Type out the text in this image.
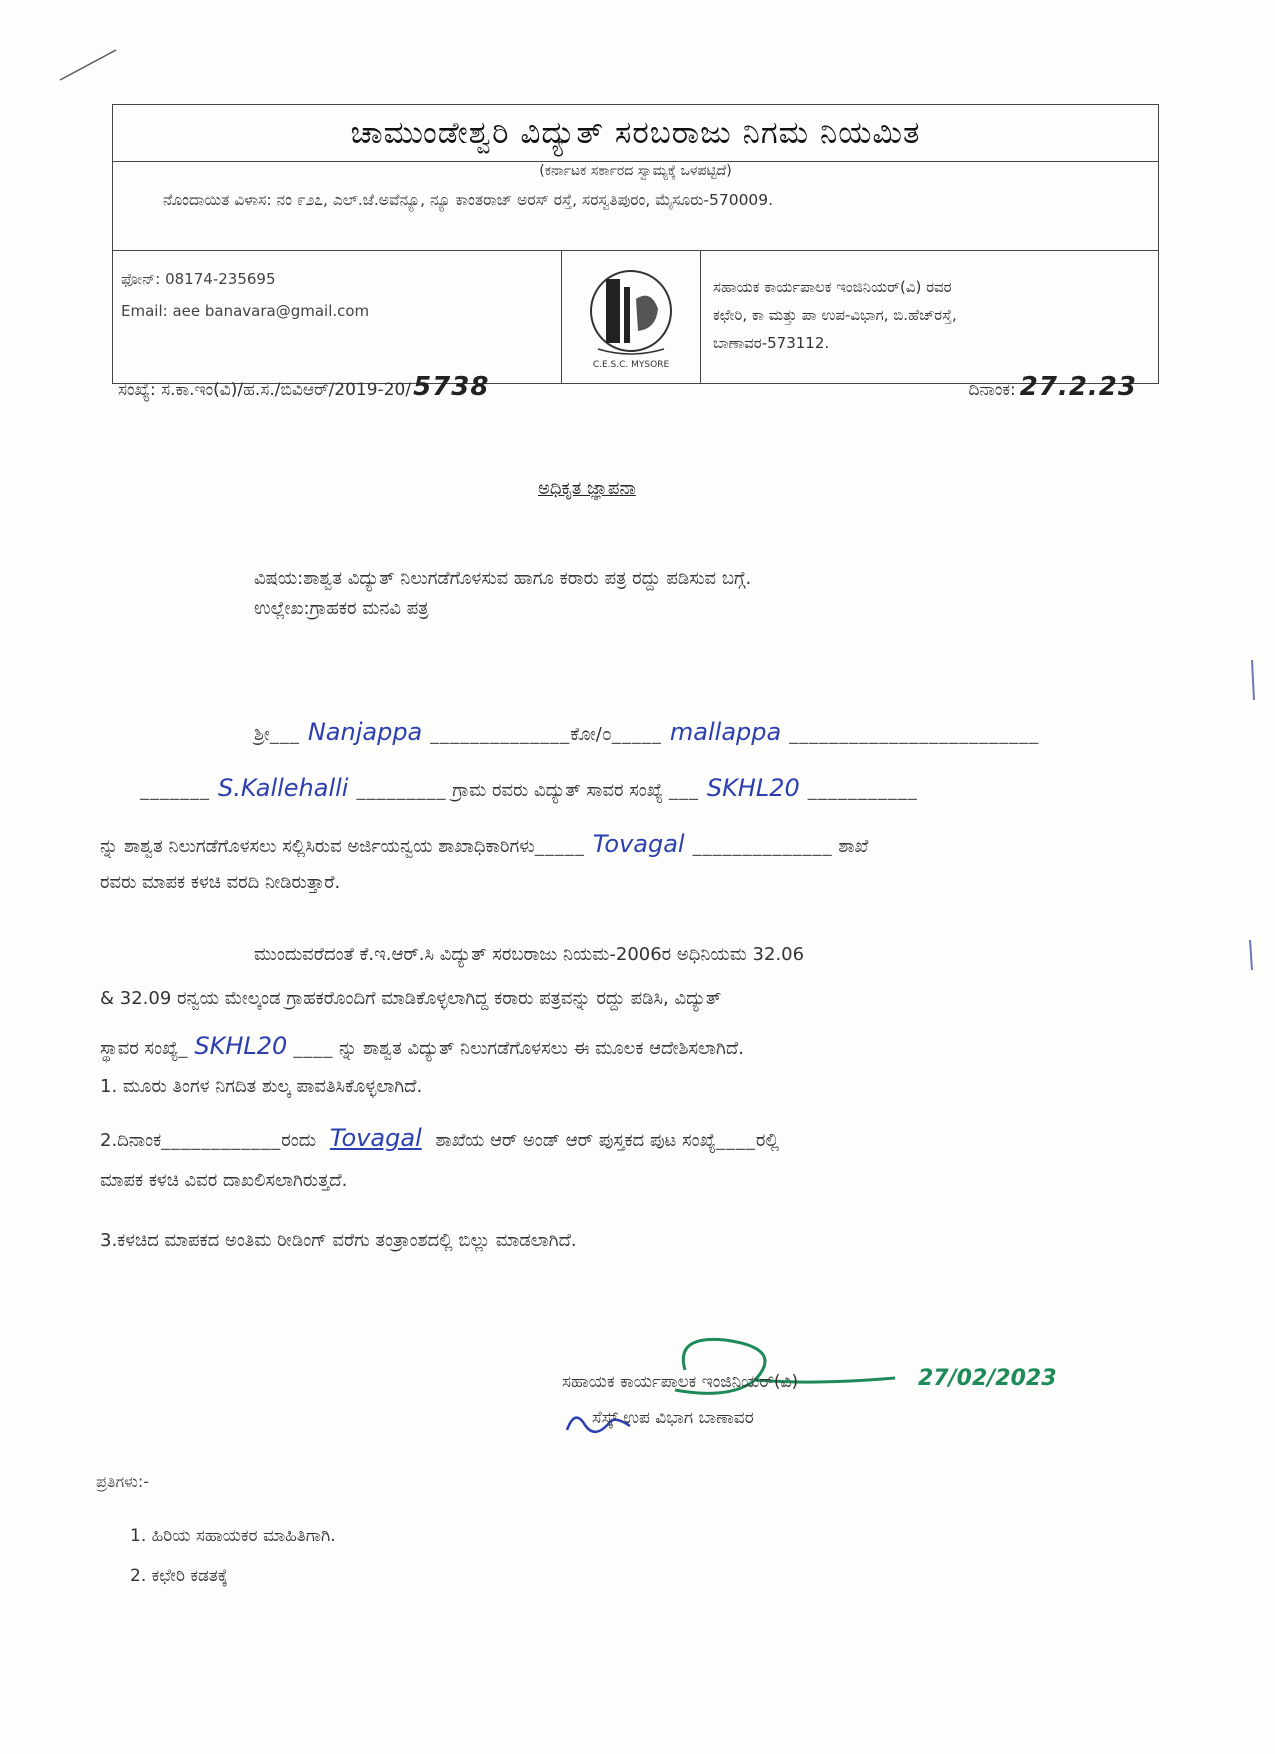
ಚಾಮುಂಡೇಶ್ವರಿ ವಿದ್ಯುತ್ ಸರಬರಾಜು ನಿಗಮ ನಿಯಮಿತ
(ಕರ್ನಾಟಕ ಸರ್ಕಾರದ ಸ್ವಾಮ್ಯಕ್ಕೆ ಒಳಪಟ್ಟಿದೆ)
ನೊಂದಾಯಿತ ವಿಳಾಸ: ನಂ ೯೨೭, ಎಲ್.ಜೆ.ಅವೆನ್ಯೂ, ನ್ಯೂ ಕಾಂತರಾಜ್ ಅರಸ್ ರಸ್ತೆ, ಸರಸ್ವತಿಪುರಂ, ಮೈಸೂರು-570009.
ಫೋನ್: 08174-235695
Email: aee banavara@gmail.com
C.E.S.C. MYSORE
ಸಹಾಯಕ ಕಾರ್ಯಪಾಲಕ ಇಂಜಿನಿಯರ್(ವಿ) ರವರ
ಕಛೇರಿ, ಕಾ ಮತ್ತು ಪಾ ಉಪ-ವಿಭಾಗ, ಬಿ.ಹೆಚ್‌ರಸ್ತೆ,
ಬಾಣಾವರ-573112.
ಸಂಖ್ಯೆ: ಸ.ಕಾ.ಇಂ(ವಿ)/ಹ.ಸ./ಬಿವಿಆರ್/2019-20/5738	ದಿನಾಂಕ: 27.2.23
ಅಧಿಕೃತ ಜ್ಞಾಪನಾ
ವಿಷಯ:ಶಾಶ್ವತ ವಿದ್ಯುತ್ ನಿಲುಗಡೆಗೊಳಸುವ ಹಾಗೂ ಕರಾರು ಪತ್ರ ರದ್ದು ಪಡಿಸುವ ಬಗ್ಗೆ.
ಉಲ್ಲೇಖ:ಗ್ರಾಹಕರ ಮನವಿ ಪತ್ರ
ಶ್ರೀ___ Nanjappa ______________ಕೋ/೦_____ mallappa _________________________
_______ S.Kallehalli _________ ಗ್ರಾಮ ರವರು ವಿದ್ಯುತ್ ಸಾವರ ಸಂಖ್ಯೆ ___ SKHL20 ___________
ನ್ನು ಶಾಶ್ವತ ನಿಲುಗಡೆಗೊಳಸಲು ಸಲ್ಲಿಸಿರುವ ಅರ್ಜಿಯನ್ವಯ ಶಾಖಾಧಿಕಾರಿಗಳು_____ Tovagal ______________ ಶಾಖೆ
ರವರು ಮಾಪಕ ಕಳಚಿ ವರದಿ ನೀಡಿರುತ್ತಾರೆ.
ಮುಂದುವರೆದಂತೆ ಕೆ.ಇ.ಆರ್.ಸಿ ವಿದ್ಯುತ್ ಸರಬರಾಜು ನಿಯಮ-2006ರ ಅಧಿನಿಯಮ 32.06
& 32.09 ರನ್ವಯ ಮೇಲ್ಕಂಡ ಗ್ರಾಹಕರೊಂದಿಗೆ ಮಾಡಿಕೊಳ್ಳಲಾಗಿದ್ದ ಕರಾರು ಪತ್ರವನ್ನು ರದ್ದು ಪಡಿಸಿ, ವಿದ್ಯುತ್
ಸ್ಥಾವರ ಸಂಖ್ಯೆ_ SKHL20 ____ ನ್ನು ಶಾಶ್ವತ ವಿದ್ಯುತ್ ನಿಲುಗಡೆಗೊಳಸಲು ಈ ಮೂಲಕ ಆದೇಶಿಸಲಾಗಿದೆ.
1. ಮೂರು ತಿಂಗಳ ನಿಗದಿತ ಶುಲ್ಕ ಪಾವತಿಸಿಕೊಳ್ಳಲಾಗಿದೆ.
2.ದಿನಾಂಕ____________ರಂದು Tovagal ಶಾಖೆಯ ಆರ್ ಅಂಡ್ ಆರ್ ಪುಸ್ತಕದ ಪುಟ ಸಂಖ್ಯೆ____ರಲ್ಲಿ
ಮಾಪಕ ಕಳಚಿ ವಿವರ ದಾಖಲಿಸಲಾಗಿರುತ್ತದೆ.
3.ಕಳಚಿದ ಮಾಪಕದ ಅಂತಿಮ ರೀಡಿಂಗ್ ವರೆಗು ತಂತ್ರಾಂಶದಲ್ಲಿ ಬಿಲ್ಲು ಮಾಡಲಾಗಿದೆ.
27/02/2023
ಸಹಾಯಕ ಕಾರ್ಯಪಾಲಕ ಇಂಜಿನಿಯರ್(ವಿ)
ಸೆಸ್ಕ್ ಉಪ ವಿಭಾಗ ಬಾಣಾವರ
ಪ್ರತಿಗಳು:-
1. ಹಿರಿಯ ಸಹಾಯಕರ ಮಾಹಿತಿಗಾಗಿ.
2. ಕಛೇರಿ ಕಡತಕ್ಕೆ
